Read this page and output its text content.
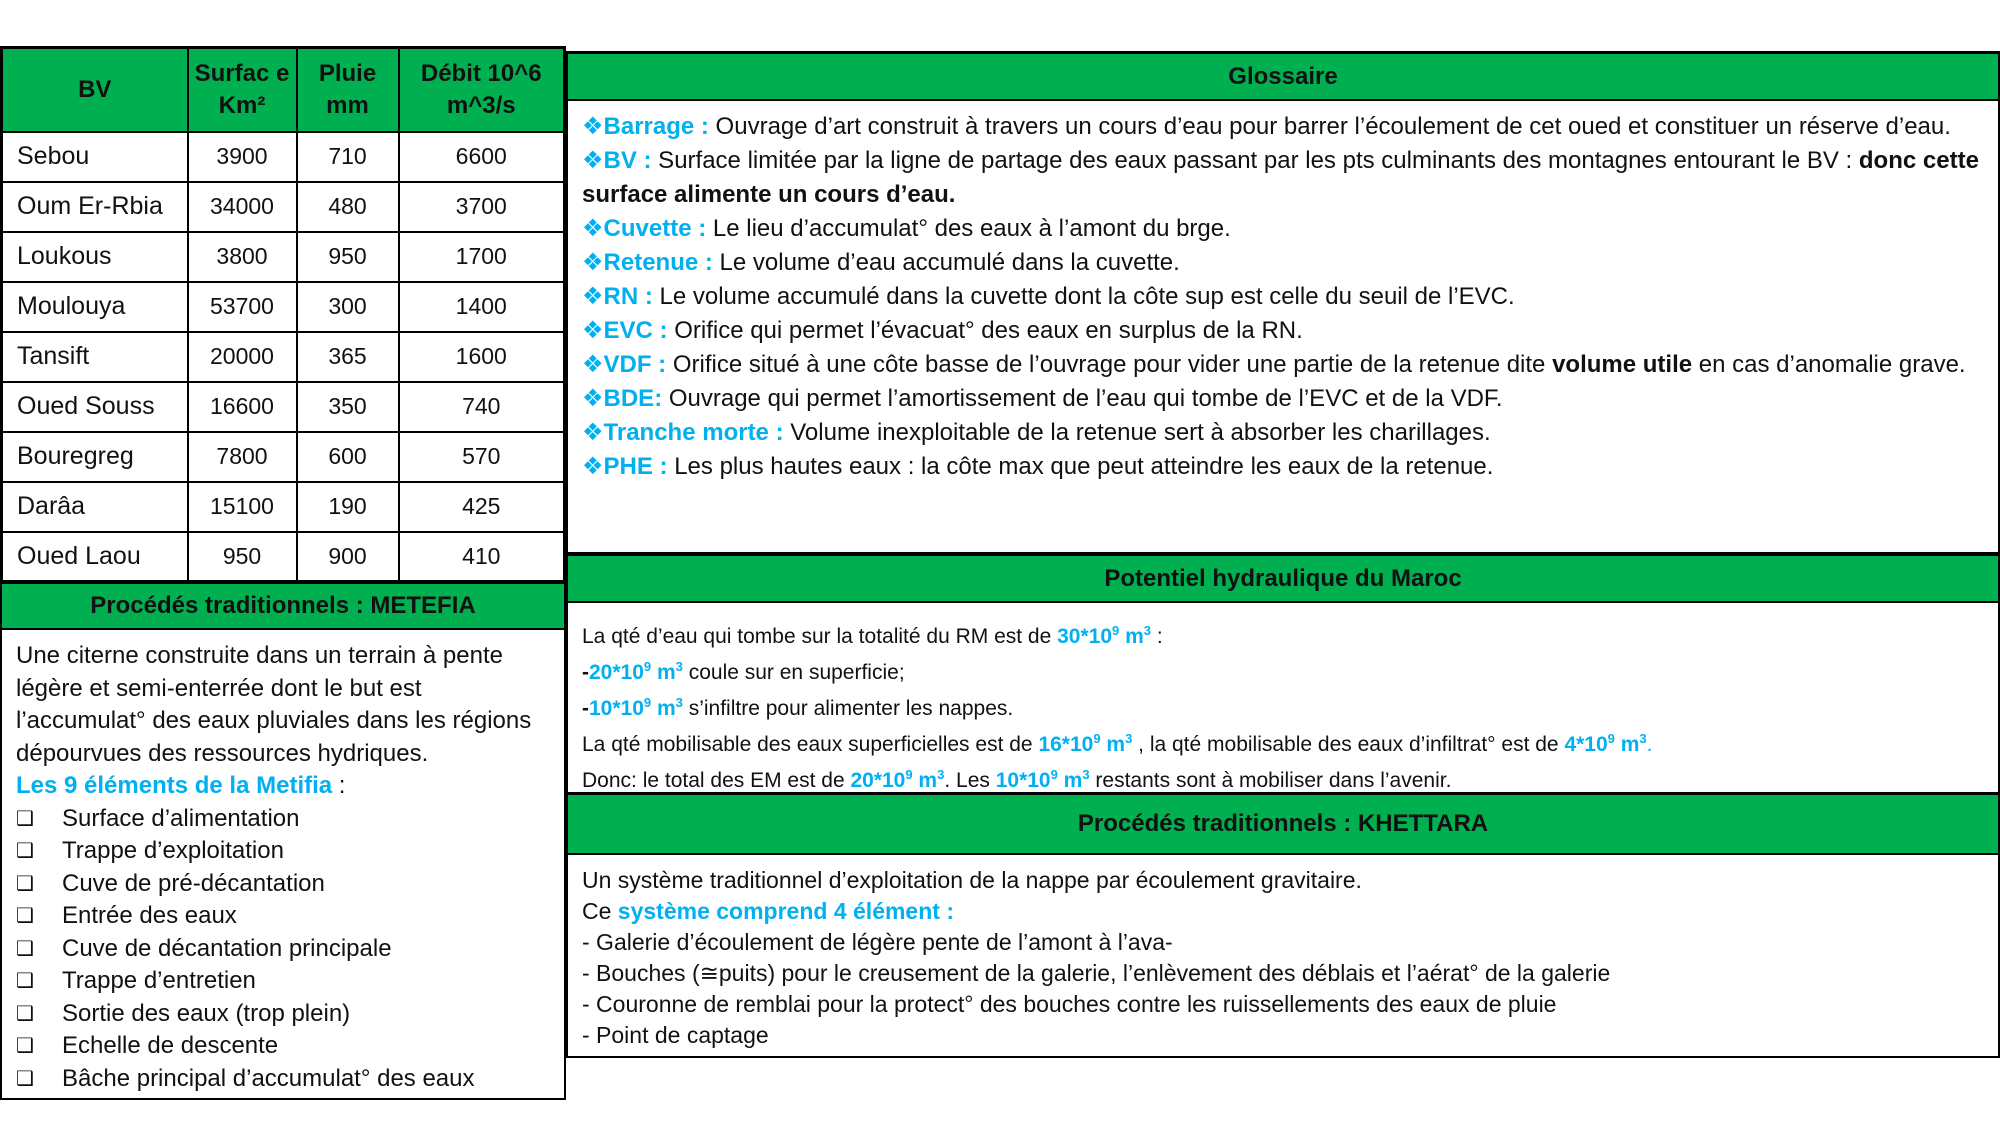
BV	Surfac e Km²	Pluie mm	Débit 10^6 m^3/s
Sebou	3900	710	6600
Oum Er-Rbia	34000	480	3700
Loukous	3800	950	1700
Moulouya	53700	300	1400
Tansift	20000	365	1600
Oued Souss	16600	350	740
Bouregreg	7800	600	570
Darâa	15100	190	425
Oued Laou	950	900	410
Procédés traditionnels : METEFIA

Une citerne construite dans un terrain à pente légère et semi-enterrée dont le but est l’accumulat° des eaux pluviales dans les régions dépourvues des ressources hydriques.

Les 9 éléments de la Metifia :

❑	Surface d’alimentation
❑	Trappe d’exploitation
❑	Cuve de pré-décantation
❑	Entrée des eaux
❑	Cuve de décantation principale
❑	Trappe d’entretien
❑	Sortie des eaux (trop plein)
❑	Echelle de descente
❑	Bâche principal d’accumulat° des eaux
Glossaire

❖Barrage : Ouvrage d’art construit à travers un cours d’eau pour barrer l’écoulement de cet oued et constituer un réserve d’eau.

❖BV : Surface limitée par la ligne de partage des eaux passant par les pts culminants des montagnes entourant le BV : donc cette surface alimente un cours d’eau.

❖Cuvette : Le lieu d’accumulat° des eaux à l’amont du brge.

❖Retenue : Le volume d’eau accumulé dans la cuvette.

❖RN : Le volume accumulé dans la cuvette dont la côte sup est celle du seuil de l’EVC.

❖EVC : Orifice qui permet l’évacuat° des eaux en surplus de la RN.

❖VDF : Orifice situé à une côte basse de l’ouvrage pour vider une partie de la retenue dite volume utile en cas d’anomalie grave.

❖BDE: Ouvrage qui permet l’amortissement de l’eau qui tombe de l’EVC et de la VDF.

❖Tranche morte : Volume inexploitable de la retenue sert à absorber les charillages.

❖PHE : Les plus hautes eaux : la côte max que peut atteindre les eaux de la retenue.

Potentiel hydraulique du Maroc

La qté d’eau qui tombe sur la totalité du RM est de $30*10^9$ $m^3$ :

$-20*10^9$ $m^3$ coule sur en superficie;

$-10*10^9$ $m^3$ s’infiltre pour alimenter les nappes.

La qté mobilisable des eaux superficielles est de $16*10^9$ $m^3$ , la qté mobilisable des eaux d’infiltrat° est de $4*10^9$ $m^3$.

Donc: le total des EM est de $20*10^9$ $m^3$. Les $10*10^9$ $m^3$ restants sont à mobiliser dans l’avenir.

Procédés traditionnels : KHETTARA

Un système traditionnel d’exploitation de la nappe par écoulement gravitaire.

Ce système comprend 4 élément :

- Galerie d’écoulement de légère pente de l’amont à l’ava-

- Bouches (≅puits) pour le creusement de la galerie, l’enlèvement des déblais et l’aérat° de la galerie

- Couronne de remblai pour la protect° des bouches contre les ruissellements des eaux de pluie

- Point de captage
